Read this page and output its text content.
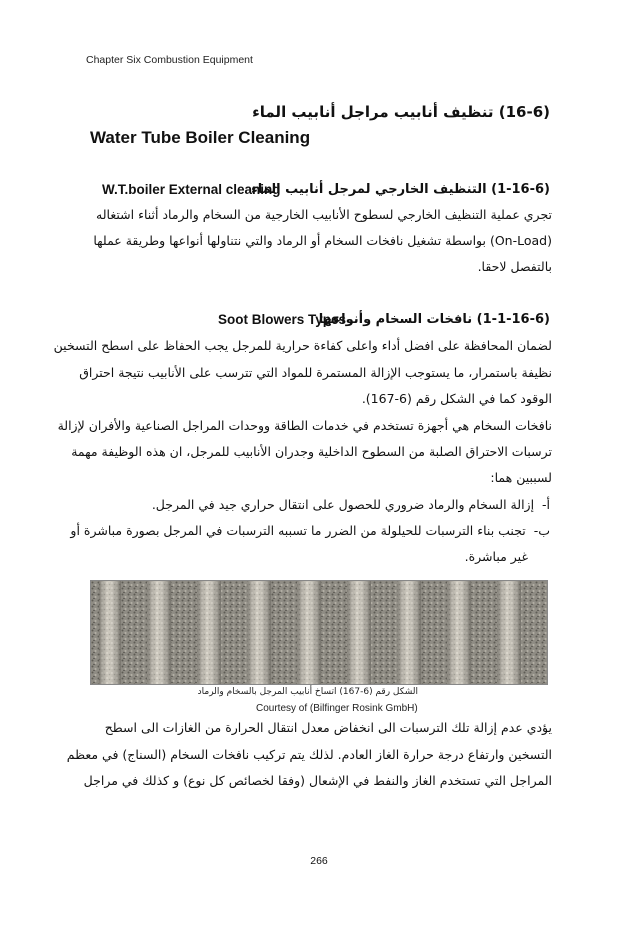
Chapter Six Combustion Equipment
(16-6) تنظيف أنابيب مراجل أنابيب الماء
Water Tube Boiler Cleaning
W.T.boiler External cleaning	(1-16-6) التنظيف الخارجي لمرجل أنابيب الماء
تجري عملية التنظيف الخارجي لسطوح الأنابيب الخارجية من السخام والرماد أثناء اشتغاله
(On-Load) بواسطة تشغيل نافخات السخام أو الرماد والتي نتناولها أنواعها وطريقة عملها
بالتفصل لاحقا.
Soot Blowers Types	(1-1-16-6) نافخات السخام وأنواعها
لضمان المحافظة على افضل أداء واعلى كفاءة حرارية للمرجل يجب الحفاظ على اسطح التسخين
نظيفة باستمرار، ما يستوجب الإزالة المستمرة للمواد التي تترسب على الأنابيب نتيجة احتراق
الوقود كما في الشكل رقم (6-167).
نافخات السخام هي أجهزة تستخدم في خدمات الطاقة ووحدات المراجل الصناعية والأفران لإزالة
ترسبات الاحتراق الصلبة من السطوح الداخلية وجدران الأنابيب للمرجل، ان هذه الوظيفة مهمة
لسببين هما:
أ-  إزالة السخام والرماد ضروري للحصول على انتقال حراري جيد في المرجل.
ب-  تجنب بناء الترسبات للحيلولة من الضرر ما تسببه الترسبات في المرجل بصورة مباشرة أو
غير مباشرة.
الشكل رقم (6-167) اتساخ أنابيب المرجل بالسخام والرماد
Courtesy of (Bilfinger Rosink GmbH)
يؤدي عدم إزالة تلك الترسبات الى انخفاض معدل انتقال الحرارة من الغازات الى اسطح
التسخين وارتفاع درجة حرارة الغاز العادم. لذلك يتم تركيب نافخات السخام (السناج) في معظم
المراجل التي تستخدم الغاز والنفط في الإشعال (وفقا لخصائص كل نوع) و كذلك في مراجل
266
